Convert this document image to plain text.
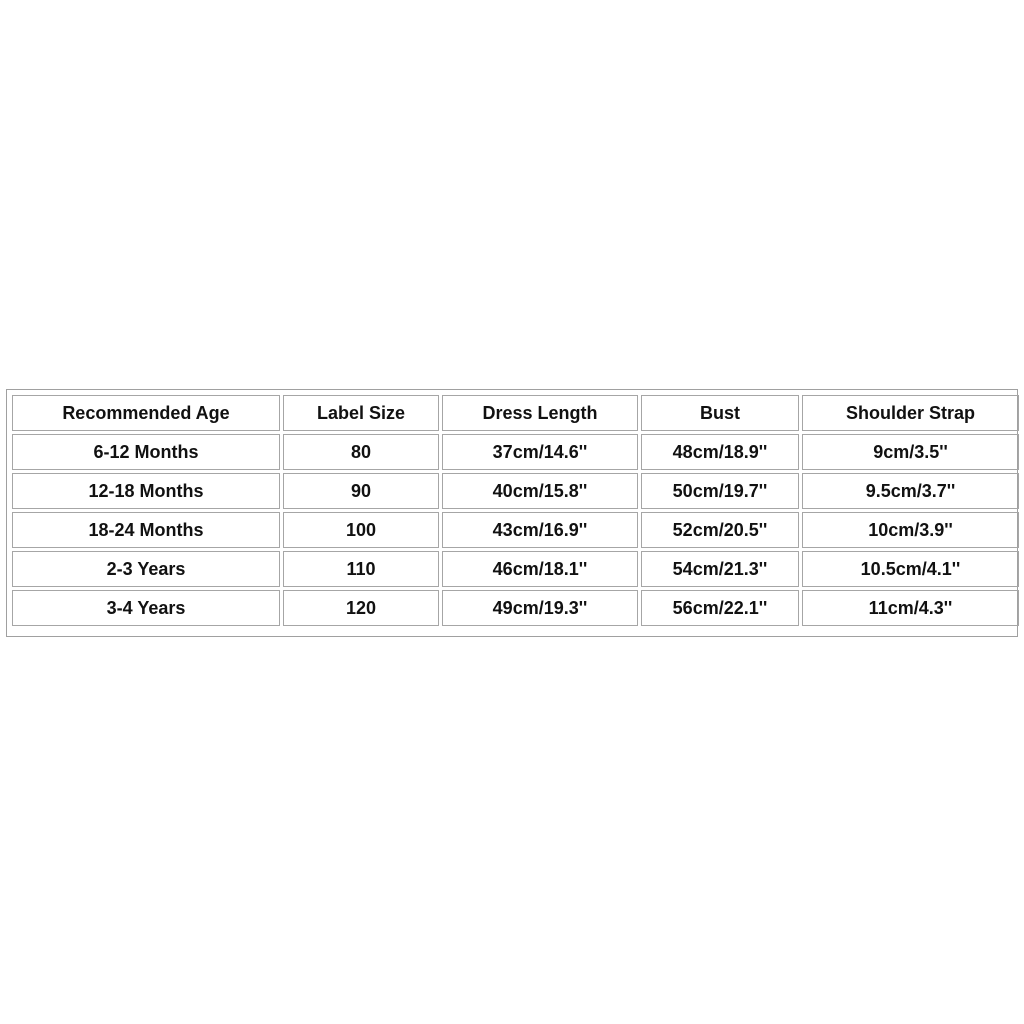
Recommended Age	Label Size	Dress Length	Bust	Shoulder Strap
6-12 Months	80	37cm/14.6''	48cm/18.9''	9cm/3.5''
12-18 Months	90	40cm/15.8''	50cm/19.7''	9.5cm/3.7''
18-24 Months	100	43cm/16.9''	52cm/20.5''	10cm/3.9''
2-3 Years	110	46cm/18.1''	54cm/21.3''	10.5cm/4.1''
3-4 Years	120	49cm/19.3''	56cm/22.1''	11cm/4.3''
